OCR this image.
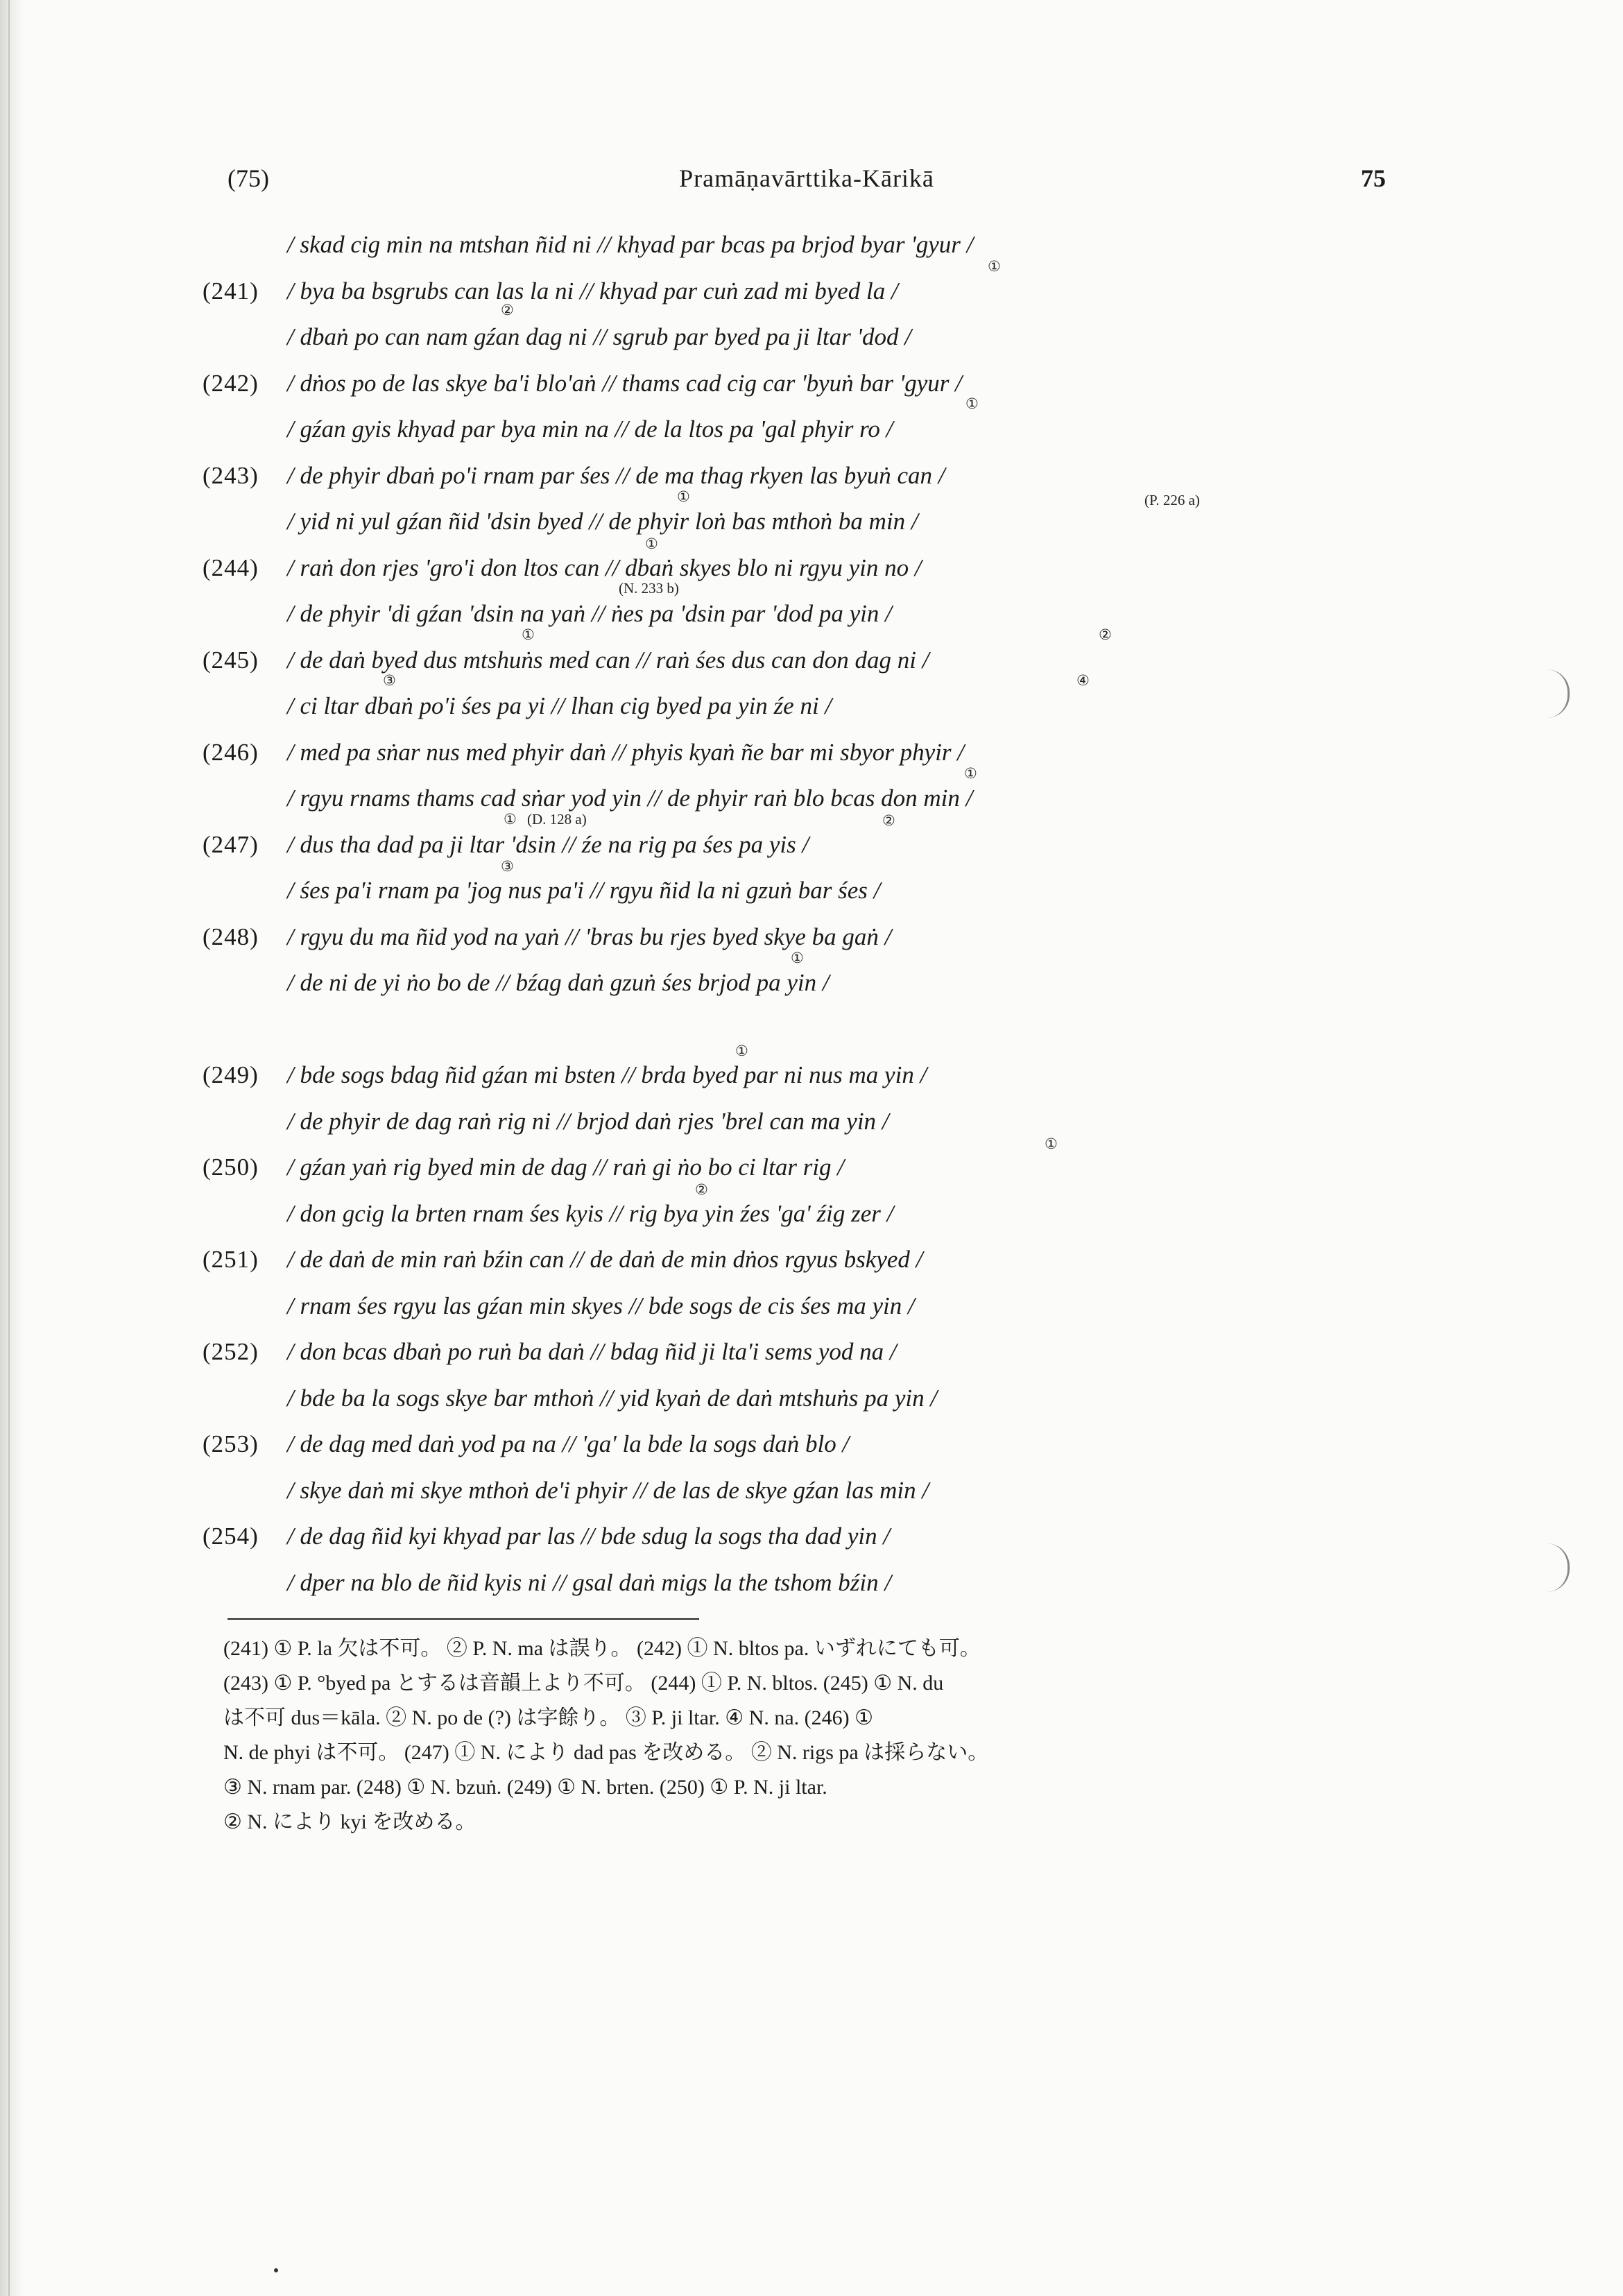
(75)	Pramāṇavārttika-Kārikā	75
/ skad cig min na mtshan ñid ni // khyad par bcas pa brjod byar 'gyur /
(241) / bya ba bsgrubs can las la ni // khyad par cuṅ zad mi byed la /
/ dbaṅ po can nam gźan dag ni // sgrub par byed pa ji ltar 'dod /
(242) / dṅos po de las skye ba'i blo'aṅ // thams cad cig car 'byuṅ bar 'gyur /
/ gźan gyis khyad par bya min na // de la ltos pa 'gal phyir ro /
(243) / de phyir dbaṅ po'i rnam par śes // de ma thag rkyen las byuṅ can /
/ yid ni yul gźan ñid 'dsin byed // de phyir loṅ bas mthoṅ ba min /
(244) / raṅ don rjes 'gro'i don ltos can // dbaṅ skyes blo ni rgyu yin no /
/ de phyir 'di gźan 'dsin na yaṅ // ṅes pa 'dsin par 'dod pa yin /
(245) / de daṅ byed dus mtshuṅs med can // raṅ śes dus can don dag ni /
/ ci ltar dbaṅ po'i śes pa yi // lhan cig byed pa yin źe ni /
(246) / med pa sṅar nus med phyir daṅ // phyis kyaṅ ñe bar mi sbyor phyir /
/ rgyu rnams thams cad sṅar yod yin // de phyir raṅ blo bcas don min /
(247) / dus tha dad pa ji ltar 'dsin // źe na rig pa śes pa yis /
/ śes pa'i rnam pa 'jog nus pa'i // rgyu ñid la ni gzuṅ bar śes /
(248) / rgyu du ma ñid yod na yaṅ // 'bras bu rjes byed skye ba gaṅ /
/ de ni de yi ṅo bo de // bźag daṅ gzuṅ śes brjod pa yin /
(249) / bde sogs bdag ñid gźan mi bsten // brda byed par ni nus ma yin /
/ de phyir de dag raṅ rig ni // brjod daṅ rjes 'brel can ma yin /
(250) / gźan yaṅ rig byed min de dag // raṅ gi ṅo bo ci ltar rig /
/ don gcig la brten rnam śes kyis // rig bya yin źes 'ga' źig zer /
(251) / de daṅ de min raṅ bźin can // de daṅ de min dṅos rgyus bskyed /
/ rnam śes rgyu las gźan min skyes // bde sogs de cis śes ma yin /
(252) / don bcas dbaṅ po ruṅ ba daṅ // bdag ñid ji lta'i sems yod na /
/ bde ba la sogs skye bar mthoṅ // yid kyaṅ de daṅ mtshuṅs pa yin /
(253) / de dag med daṅ yod pa na // 'ga' la bde la sogs daṅ blo /
/ skye daṅ mi skye mthoṅ de'i phyir // de las de skye gźan las min /
(254) / de dag ñid kyi khyad par las // bde sdug la sogs tha dad yin /
/ dper na blo de ñid kyis ni // gsal daṅ migs la the tshom bźin /
①
②
①
①	(P. 226 a)
①
(N. 233 b)
①	②
③	④
①
① (D. 128 a)	②
③
①
①
①
②
(241) ① P. la 欠は不可。 ② P. N. ma は誤り。 (242) ① N. bltos pa. いずれにても可。
(243) ① P. °byed pa とするは音韻上より不可。 (244) ① P. N. bltos. (245) ① N. du
は不可 dus＝kāla. ② N. po de (?) は字餘り。 ③ P. ji ltar. ④ N. na. (246) ①
N. de phyi は不可。 (247) ① N. により dad pas を改める。 ② N. rigs pa は採らない。
③ N. rnam par. (248) ① N. bzuṅ. (249) ① N. brten. (250) ① P. N. ji ltar.
② N. により kyi を改める。
